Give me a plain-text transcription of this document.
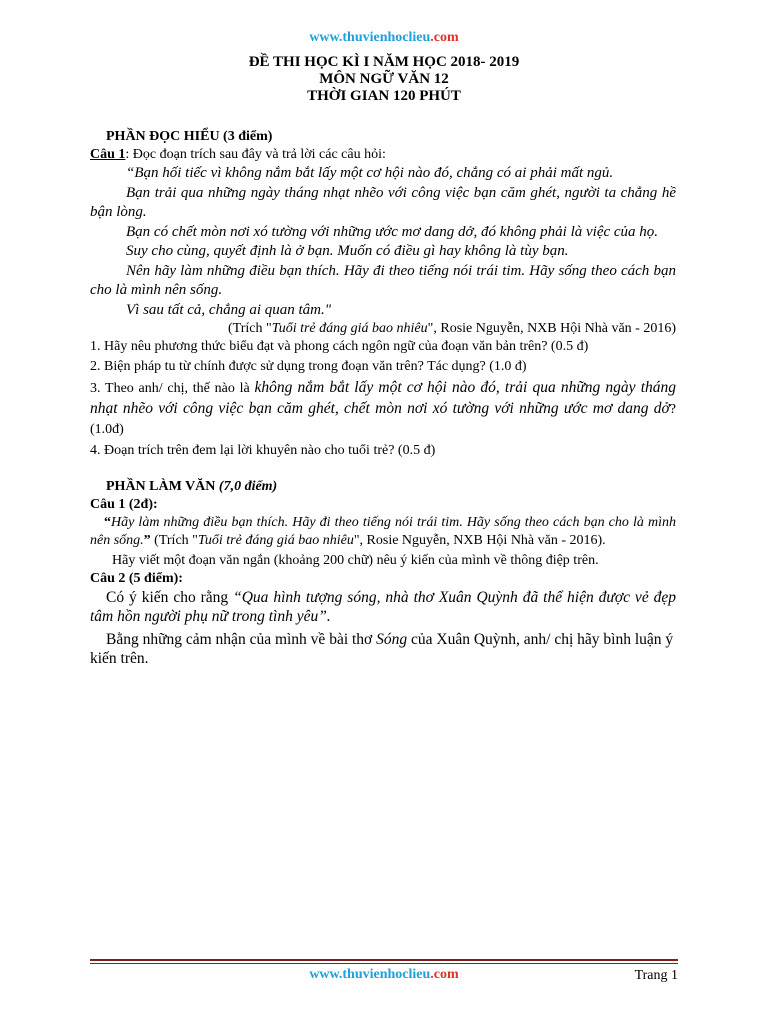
www.thuvienhoclieu.com
ĐỀ THI HỌC KÌ I NĂM HỌC 2018- 2019
MÔN NGỮ VĂN 12
THỜI GIAN 120 PHÚT

PHẦN ĐỌC HIỂU (3 điểm)

Câu 1: Đọc đoạn trích sau đây và trả lời các câu hỏi:

“Bạn hối tiếc vì không nắm bắt lấy một cơ hội nào đó, chẳng có ai phải mất ngủ.

Bạn trải qua những ngày tháng nhạt nhẽo với công việc bạn căm ghét, người ta chẳng hề bận lòng.

Bạn có chết mòn nơi xó tường với những ước mơ dang dở, đó không phải là việc của họ.

Suy cho cùng, quyết định là ở bạn. Muốn có điều gì hay không là tùy bạn.

Nên hãy làm những điều bạn thích. Hãy đi theo tiếng nói trái tim. Hãy sống theo cách bạn cho là mình nên sống.

Vì sau tất cả, chẳng ai quan tâm."

(Trích "Tuổi trẻ đáng giá bao nhiêu", Rosie Nguyễn, NXB Hội Nhà văn - 2016)

1. Hãy nêu phương thức biểu đạt và phong cách ngôn ngữ của đoạn văn bản trên? (0.5 đ)

2. Biện pháp tu từ chính được sử dụng trong đoạn văn trên? Tác dụng? (1.0 đ)

3. Theo anh/ chị, thế nào là không nắm bắt lấy một cơ hội nào đó, trải qua những ngày tháng nhạt nhẽo với công việc bạn căm ghét, chết mòn nơi xó tường với những ước mơ dang dở? (1.0đ)

4. Đoạn trích trên đem lại lời khuyên nào cho tuổi trẻ? (0.5 đ)

PHẦN LÀM VĂN (7,0 điểm)

Câu 1 (2đ):

“Hãy làm những điều bạn thích. Hãy đi theo tiếng nói trái tim. Hãy sống theo cách bạn cho là mình nên sống.” (Trích "Tuổi trẻ đáng giá bao nhiêu", Rosie Nguyễn, NXB Hội Nhà văn - 2016).

Hãy viết một đoạn văn ngắn (khoảng 200 chữ) nêu ý kiến của mình về thông điệp trên.

Câu 2 (5 điểm):

Có ý kiến cho rằng “Qua hình tượng sóng, nhà thơ Xuân Quỳnh đã thể hiện được vẻ đẹp tâm hồn người phụ nữ trong tình yêu”.

Bằng những cảm nhận của mình về bài thơ Sóng của Xuân Quỳnh, anh/ chị hãy bình luận ý kiến trên.

www.thuvienhoclieu.com	Trang 1
